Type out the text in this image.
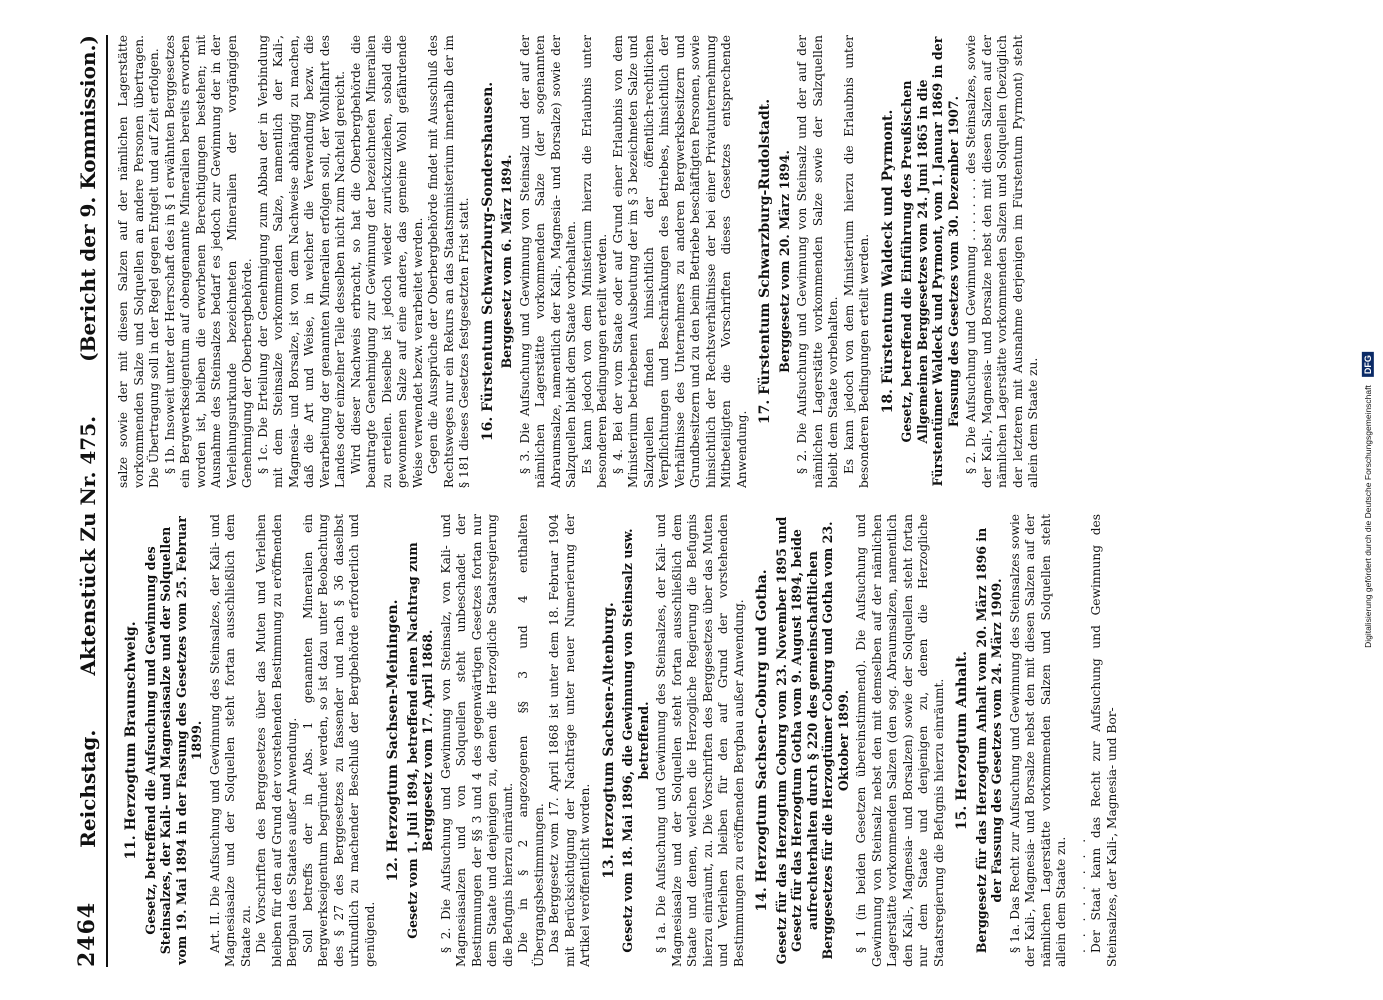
2464
Reichstag.
Aktenstück Zu Nr. 475.
(Bericht der 9. Kommission.)
11. Herzogtum Braunschweig. Gesetz, betreffend die Aufsuchung und Gewinnung des Steinsalzes, der Kali- und Magnesiasalze und der Solquellen vom 19. Mai 1894 in der Fassung des Gesetzes vom 25. Februar 1899. Art. II. Die Aufsuchung und Gewinnung des Steinsalzes, der Kali- und Magnesiasalze und der Solquellen steht fortan ausschließlich dem Staate zu. Die Vorschriften des Berggesetzes über das Muten und Verleihen bleiben für den auf Grund der vorstehenden Bestimmung zu eröffnenden Bergbau des Staates außer Anwendung. Soll betreffs der in Abs. 1 genannten Mineralien ein Bergwerkseigentum begründet werden, so ist dazu unter Beobachtung des § 27 des Berggesetzes zu fassender und nach § 36 daselbst urkundlich zu machender Beschluß der Bergbehörde erforderlich und genügend.

12. Herzogtum Sachsen-Meiningen. Gesetz vom 1. Juli 1894, betreffend einen Nachtrag zum Berggesetz vom 17. April 1868. § 2. Die Aufsuchung und Gewinnung von Steinsalz, von Kali- und Magnesiasalzen und von Solquellen steht unbeschadet der Bestimmungen der §§ 3 und 4 des gegenwärtigen Gesetzes fortan nur dem Staate und denjenigen zu, denen die Herzogliche Staatsregierung die Befugnis hierzu einräumt. Die in § 2 angezogenen §§ 3 und 4 enthalten Übergangsbestimmungen. Das Berggesetz vom 17. April 1868 ist unter dem 18. Februar 1904 mit Berücksichtigung der Nachträge unter neuer Numerierung der Artikel veröffentlicht worden. 13. Herzogtum Sachsen-Altenburg. Gesetz vom 18. Mai 1896, die Gewinnung von Steinsalz usw. betreffend. § 1a. Die Aufsuchung und Gewinnung des Steinsalzes, der Kali- und Magnesiasalze und der Solquellen steht fortan ausschließlich dem Staate und denen, welchen die Herzogliche Regierung die Befugnis hierzu einräumt, zu. Die Vorschriften des Berggesetzes über das Muten und Verleihen bleiben für den auf Grund der vorstehenden Bestimmungen zu eröffnenden Bergbau außer Anwendung. 14. Herzogtum Sachsen-Coburg und Gotha. Gesetz für das Herzogtum Coburg vom 23. November 1895 und Gesetz für das Herzogtum Gotha vom 9. August 1894, beide aufrechterhalten durch § 220 des gemeinschaftlichen Berggesetzes für die Herzogtümer Coburg und Gotha vom 23. Oktober 1899. § 1 (in beiden Gesetzen übereinstimmend). Die Aufsuchung und Gewinnung von Steinsalz nebst den mit demselben auf der nämlichen Lagerstätte vorkommenden Salzen (den sog. Abraumsalzen, namentlich den Kali-, Magnesia- und Borsalzen) sowie der Solquellen steht fortan nur dem Staate und denjenigen zu, denen die Herzogliche Staatsregierung die Befugnis hierzu einräumt. 15. Herzogtum Anhalt. Berggesetz für das Herzogtum Anhalt vom 20. März 1896 in der Fassung des Gesetzes vom 24. März 1909. § 1a. Das Recht zur Aufsuchung und Gewinnung des Steinsalzes sowie der Kali-, Magnesia- und Borsalze nebst den mit diesen Salzen auf der nämlichen Lagerstätte vorkommenden Salzen und Solquellen steht allein dem Staate zu. . . . . . . . . Der Staat kann das Recht zur Aufsuchung und Gewinnung des Steinsalzes, der Kali-, Magnesia- und Bor-

salze sowie der mit diesen Salzen auf der nämlichen Lagerstätte vorkommenden Salze und Solquellen an andere Personen übertragen. Die Übertragung soll in der Regel gegen Entgelt und auf Zeit erfolgen. § 1b. Insoweit unter der Herrschaft des in § 1 erwähnten Berggesetzes ein Bergwerkseigentum auf obengenannte Mineralien bereits erworben worden ist, bleiben die erworbenen Berechtigungen bestehen; mit Ausnahme des Steinsalzes bedarf es jedoch zur Gewinnung der in der Verleihungsurkunde bezeichneten Mineralien der vorgängigen Genehmigung der Oberbergbehörde. § 1c. Die Erteilung der Genehmigung zum Abbau der in Verbindung mit dem Steinsalze vorkommenden Salze, namentlich der Kali-, Magnesia- und Borsalze, ist von dem Nachweise abhängig zu machen, daß die Art und Weise, in welcher die Verwendung bezw. die Verarbeitung der genannten Mineralien erfolgen soll, der Wohlfahrt des Landes oder einzelner Teile desselben nicht zum Nachteil gereicht. Wird dieser Nachweis erbracht, so hat die Oberbergbehörde die beantragte Genehmigung zur Gewinnung der bezeichneten Mineralien zu erteilen. Dieselbe ist jedoch wieder zurückzuziehen, sobald die gewonnenen Salze auf eine andere, das gemeine Wohl gefährdende Weise verwendet bezw. verarbeitet werden. Gegen die Aussprüche der Oberbergbehörde findet mit Ausschluß des Rechtsweges nur ein Rekurs an das Staatsministerium innerhalb der im § 181 dieses Gesetzes festgesetzten Frist statt. 16. Fürstentum Schwarzburg-Sondershausen. Berggesetz vom 6. März 1894. § 3. Die Aufsuchung und Gewinnung von Steinsalz und der auf der nämlichen Lagerstätte vorkommenden Salze (der sogenannten Abraumsalze, namentlich der Kali-, Magnesia- und Borsalze) sowie der Salzquellen bleibt dem Staate vorbehalten. Es kann jedoch von dem Ministerium hierzu die Erlaubnis unter besonderen Bedingungen erteilt werden. § 4. Bei der vom Staate oder auf Grund einer Erlaubnis von dem Ministerium betriebenen Ausbeutung der im § 3 bezeichneten Salze und Salzquellen finden hinsichtlich der öffentlich-rechtlichen Verpflichtungen und Beschränkungen des Betriebes, hinsichtlich der Verhältnisse des Unternehmers zu anderen Bergwerksbesitzern und Grundbesitzern und zu den beim Betriebe beschäftigten Personen, sowie hinsichtlich der Rechtsverhältnisse der bei einer Privatunternehmung Mitbeteiligten die Vorschriften dieses Gesetzes entsprechende Anwendung.

17. Fürstentum Schwarzburg-Rudolstadt. Berggesetz vom 20. März 1894. § 2. Die Aufsuchung und Gewinnung von Steinsalz und der auf der nämlichen Lagerstätte vorkommenden Salze sowie der Salzquellen bleibt dem Staate vorbehalten. Es kann jedoch von dem Ministerium hierzu die Erlaubnis unter besonderen Bedingungen erteilt werden. 18. Fürstentum Waldeck und Pyrmont. Gesetz, betreffend die Einführung des Preußischen Allgemeinen Berggesetzes vom 24. Juni 1865 in die Fürstentümer Waldeck und Pyrmont, vom 1. Januar 1869 in der Fassung des Gesetzes vom 30. Dezember 1907. § 2. Die Aufsuchung und Gewinnung . . . . . . . . des Steinsalzes, sowie der Kali-, Magnesia- und Borsalze nebst den mit diesen Salzen auf der nämlichen Lagerstätte vorkommenden Salzen und Solquellen (bezüglich der letzteren mit Ausnahme derjenigen im Fürstentum Pyrmont) steht allein dem Staate zu.	Digitalisierung gefördert durch die Deutsche Forschungsgemeinschaft
DFG
